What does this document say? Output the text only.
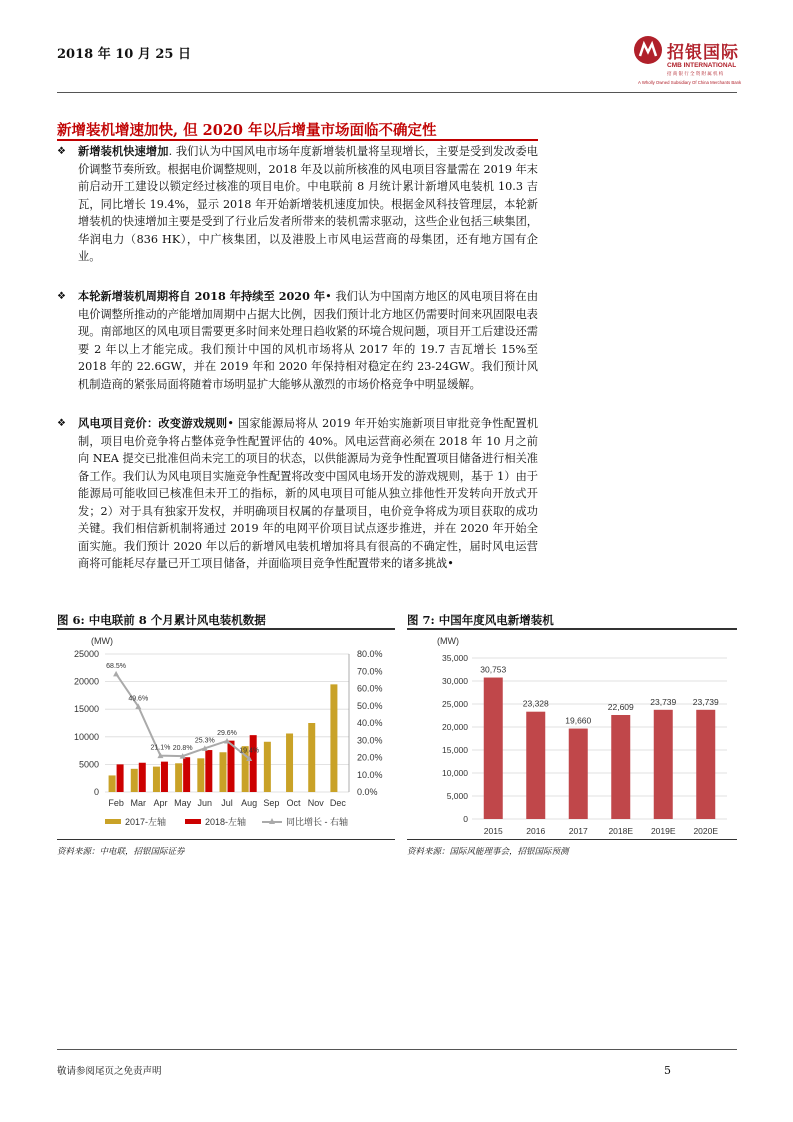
2018 年 10 月 25 日	招银国际
CMB INTERNATIONAL
招 商 银 行 全 资 附 属 机 构
A Wholly Owned Subsidiary Of China Merchants Bank
新增装机增速加快, 但 2020 年以后增量市场面临不确定性
❖ 新增装机快速增加. 我们认为中国风电市场年度新增装机量将呈现增长，主要是受到发改委电价调整节奏所致。根据电价调整规则，2018 年及以前所核准的风电项目容量需在 2019 年末前启动开工建设以锁定经过核准的项目电价。中电联前 8 月统计累计新增风电装机 10.3 吉瓦，同比增长 19.4%，显示 2018 年开始新增装机速度加快。根据金风科技管理层，本轮新增装机的快速增加主要是受到了行业后发者所带来的装机需求驱动，这些企业包括三峡集团，华润电力（836 HK），中广核集团，以及港股上市风电运营商的母集团，还有地方国有企业。
❖ 本轮新增装机周期将自 2018 年持续至 2020 年• 我们认为中国南方地区的风电项目将在由电价调整所推动的产能增加周期中占据大比例，因我们预计北方地区仍需要时间来巩固限电表现。南部地区的风电项目需要更多时间来处理日趋收紧的环境合规问题，项目开工后建设还需要 2 年以上才能完成。我们预计中国的风机市场将从 2017 年的 19.7 吉瓦增长 15%至 2018 年的 22.6GW，并在 2019 年和 2020 年保持相对稳定在约 23-24GW。我们预计风机制造商的紧张局面将随着市场明显扩大能够从激烈的市场价格竞争中明显缓解。
❖ 风电项目竞价：改变游戏规则• 国家能源局将从 2019 年开始实施新项目审批竞争性配置机制，项目电价竞争将占整体竞争性配置评估的 40%。风电运营商必须在 2018 年 10 月之前向 NEA 提交已批准但尚未完工的项目的状态，以供能源局为竞争性配置项目储备进行相关准备工作。我们认为风电项目实施竞争性配置将改变中国风电场开发的游戏规则，基于 1）由于能源局可能收回已核准但未开工的指标，新的风电项目可能从独立排他性开发转向开放式开发；2）对于具有独家开发权，并明确项目权属的存量项目，电价竞争将成为项目获取的成功关键。我们相信新机制将通过 2019 年的电网平价项目试点逐步推进，并在 2020 年开始全面实施。我们预计 2020 年以后的新增风电装机增加将具有很高的不确定性，届时风电运营商将可能耗尽存量已开工项目储备，并面临项目竞争性配置带来的诸多挑战•
图 6: 中电联前 8 个月累计风电装机数据
(MW)
0
5000
10000
15000
20000
25000
0.0%
10.0%
20.0%
30.0%
40.0%
50.0%
60.0%
70.0%
80.0%
Feb Mar Apr May Jun Jul Aug Sep Oct Nov Dec
68.5%
49.6%
21.1% 20.8%
25.3%
29.6%
19.4%
2017-左轴	2018-左轴	同比增长 - 右轴
资料来源：中电联，招银国际证券
图 7: 中国年度风电新增装机
(MW)
0
5,000
10,000
15,000
20,000
25,000
30,000
35,000
30,753
2015
23,328
2016
19,660
2017
22,609
2018E
23,739
2019E
23,739
2020E
资料来源：国际风能理事会，招银国际预测
敬请参阅尾页之免责声明	5
